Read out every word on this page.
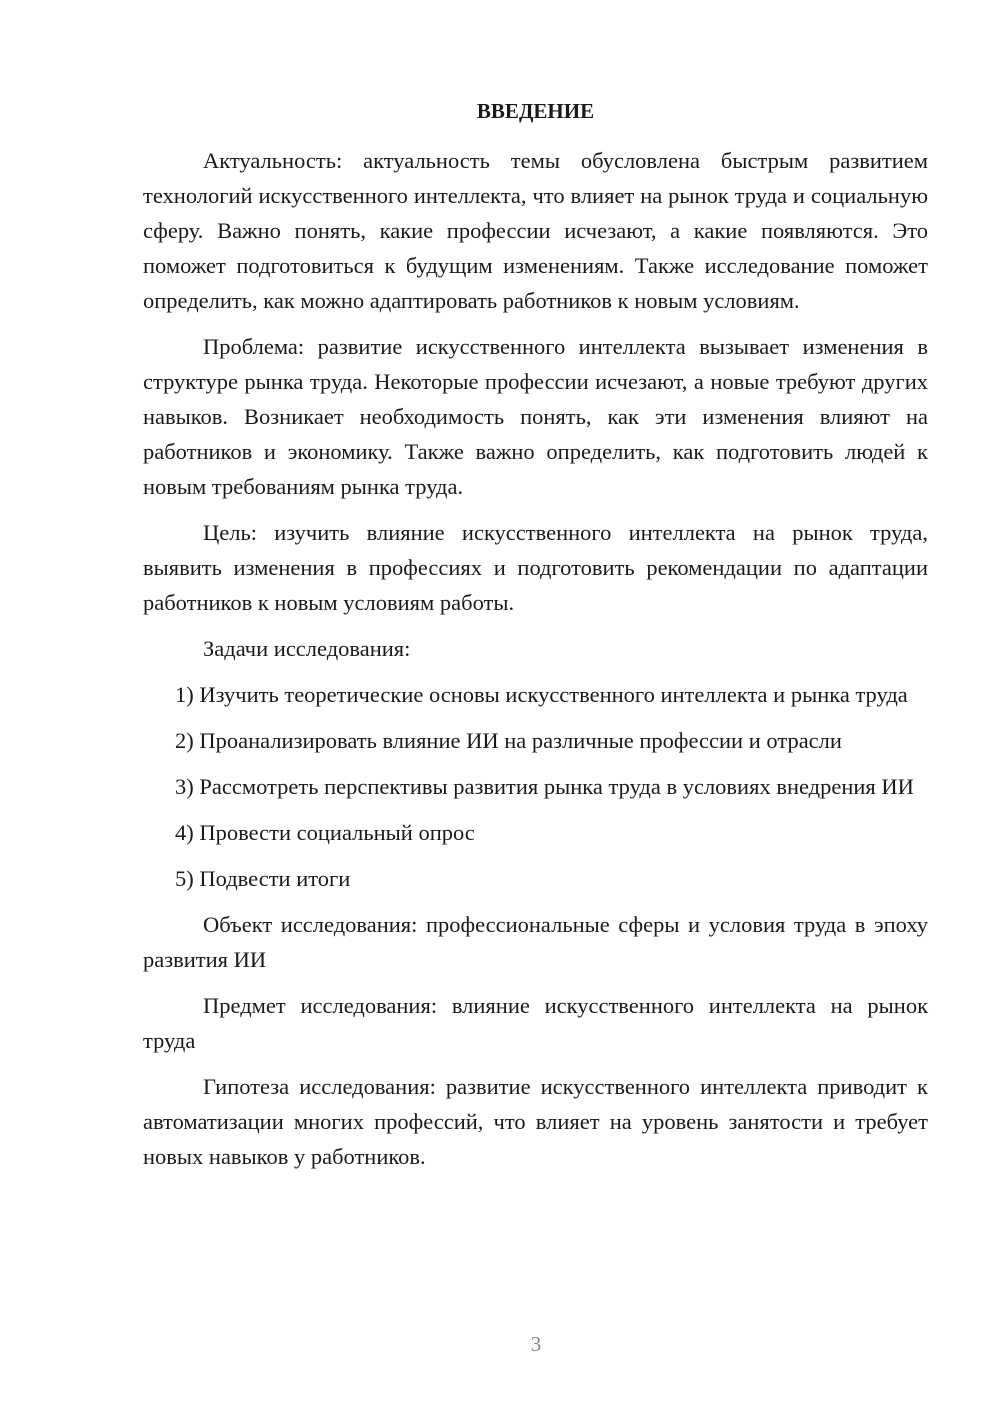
ВВЕДЕНИЕ

Актуальность: актуальность темы обусловлена быстрым развитием технологий искусственного интеллекта, что влияет на рынок труда и социальную сферу. Важно понять, какие профессии исчезают, а какие появляются. Это поможет подготовиться к будущим изменениям. Также исследование поможет определить, как можно адаптировать работников к новым условиям.

Проблема: развитие искусственного интеллекта вызывает изменения в структуре рынка труда. Некоторые профессии исчезают, а новые требуют других навыков. Возникает необходимость понять, как эти изменения влияют на работников и экономику. Также важно определить, как подготовить людей к новым требованиям рынка труда.

Цель: изучить влияние искусственного интеллекта на рынок труда, выявить изменения в профессиях и подготовить рекомендации по адаптации работников к новым условиям работы.

Задачи исследования:

1) Изучить теоретические основы искусственного интеллекта и рынка труда

2) Проанализировать влияние ИИ на различные профессии и отрасли

3) Рассмотреть перспективы развития рынка труда в условиях внедрения ИИ

4) Провести социальный опрос

5) Подвести итоги

Объект исследования: профессиональные сферы и условия труда в эпоху развития ИИ

Предмет исследования: влияние искусственного интеллекта на рынок труда

Гипотеза исследования: развитие искусственного интеллекта приводит к автоматизации многих профессий, что влияет на уровень занятости и требует новых навыков у работников.

3
